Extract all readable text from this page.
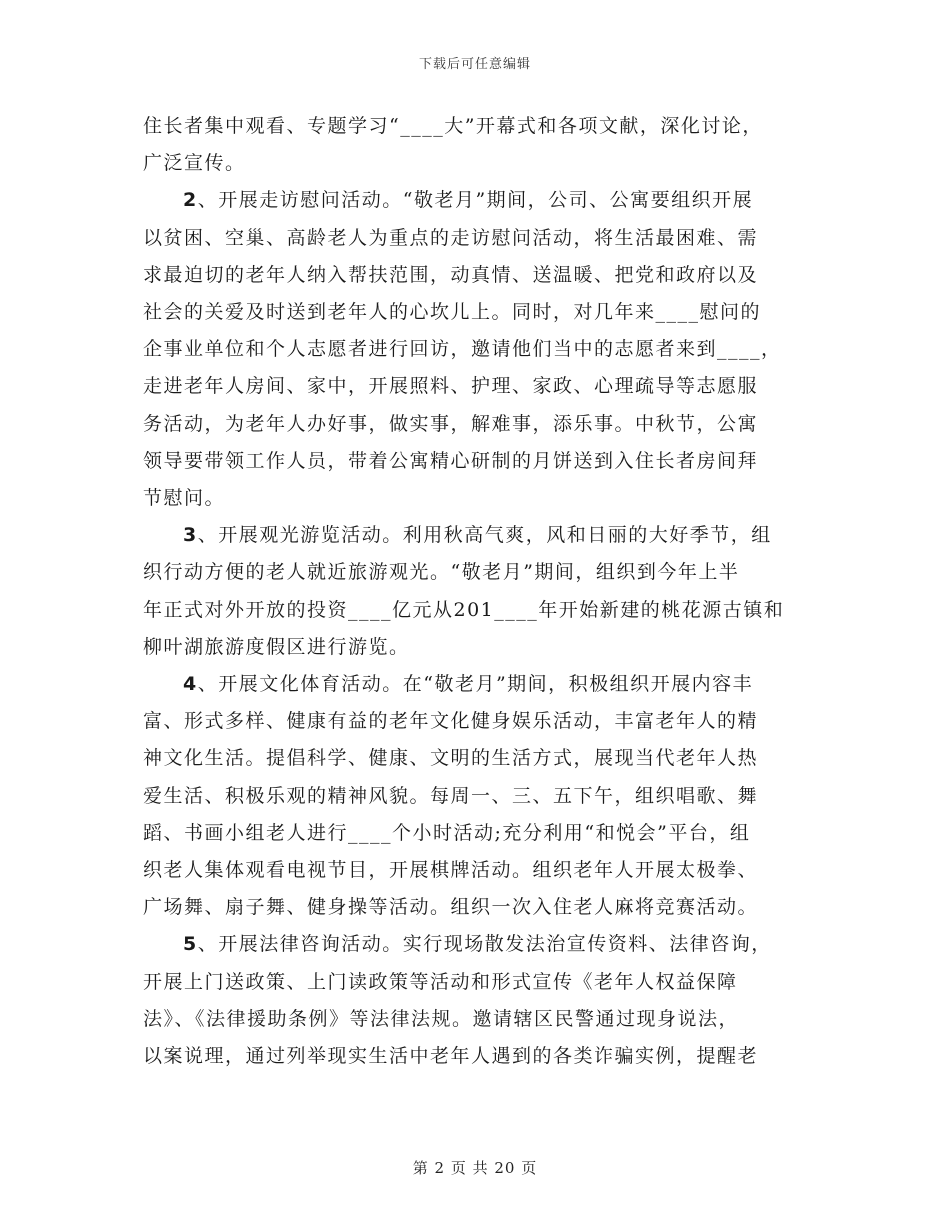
下载后可任意编辑

住长者集中观看、专题学习“____大”开幕式和各项文献，深化讨论，
广泛宣传。

2、开展走访慰问活动。“敬老月”期间，公司、公寓要组织开展
以贫困、空巢、高龄老人为重点的走访慰问活动，将生活最困难、需
求最迫切的老年人纳入帮扶范围，动真情、送温暖、把党和政府以及
社会的关爱及时送到老年人的心坎儿上。同时，对几年来____慰问的
企事业单位和个人志愿者进行回访，邀请他们当中的志愿者来到____，
走进老年人房间、家中，开展照料、护理、家政、心理疏导等志愿服
务活动，为老年人办好事，做实事，解难事，添乐事。中秋节，公寓
领导要带领工作人员，带着公寓精心研制的月饼送到入住长者房间拜
节慰问。

3、开展观光游览活动。利用秋高气爽，风和日丽的大好季节，组
织行动方便的老人就近旅游观光。“敬老月”期间，组织到今年上半
年正式对外开放的投资____亿元从201____年开始新建的桃花源古镇和
柳叶湖旅游度假区进行游览。

4、开展文化体育活动。在“敬老月”期间，积极组织开展内容丰
富、形式多样、健康有益的老年文化健身娱乐活动，丰富老年人的精
神文化生活。提倡科学、健康、文明的生活方式，展现当代老年人热
爱生活、积极乐观的精神风貌。每周一、三、五下午，组织唱歌、舞
蹈、书画小组老人进行____个小时活动;充分利用“和悦会”平台，组
织老人集体观看电视节目，开展棋牌活动。组织老年人开展太极拳、
广场舞、扇子舞、健身操等活动。组织一次入住老人麻将竞赛活动。

5、开展法律咨询活动。实行现场散发法治宣传资料、法律咨询，
开展上门送政策、上门读政策等活动和形式宣传《老年人权益保障
法》、《法律援助条例》等法律法规。邀请辖区民警通过现身说法，
以案说理，通过列举现实生活中老年人遇到的各类诈骗实例，提醒老

第 2 页 共 20 页
